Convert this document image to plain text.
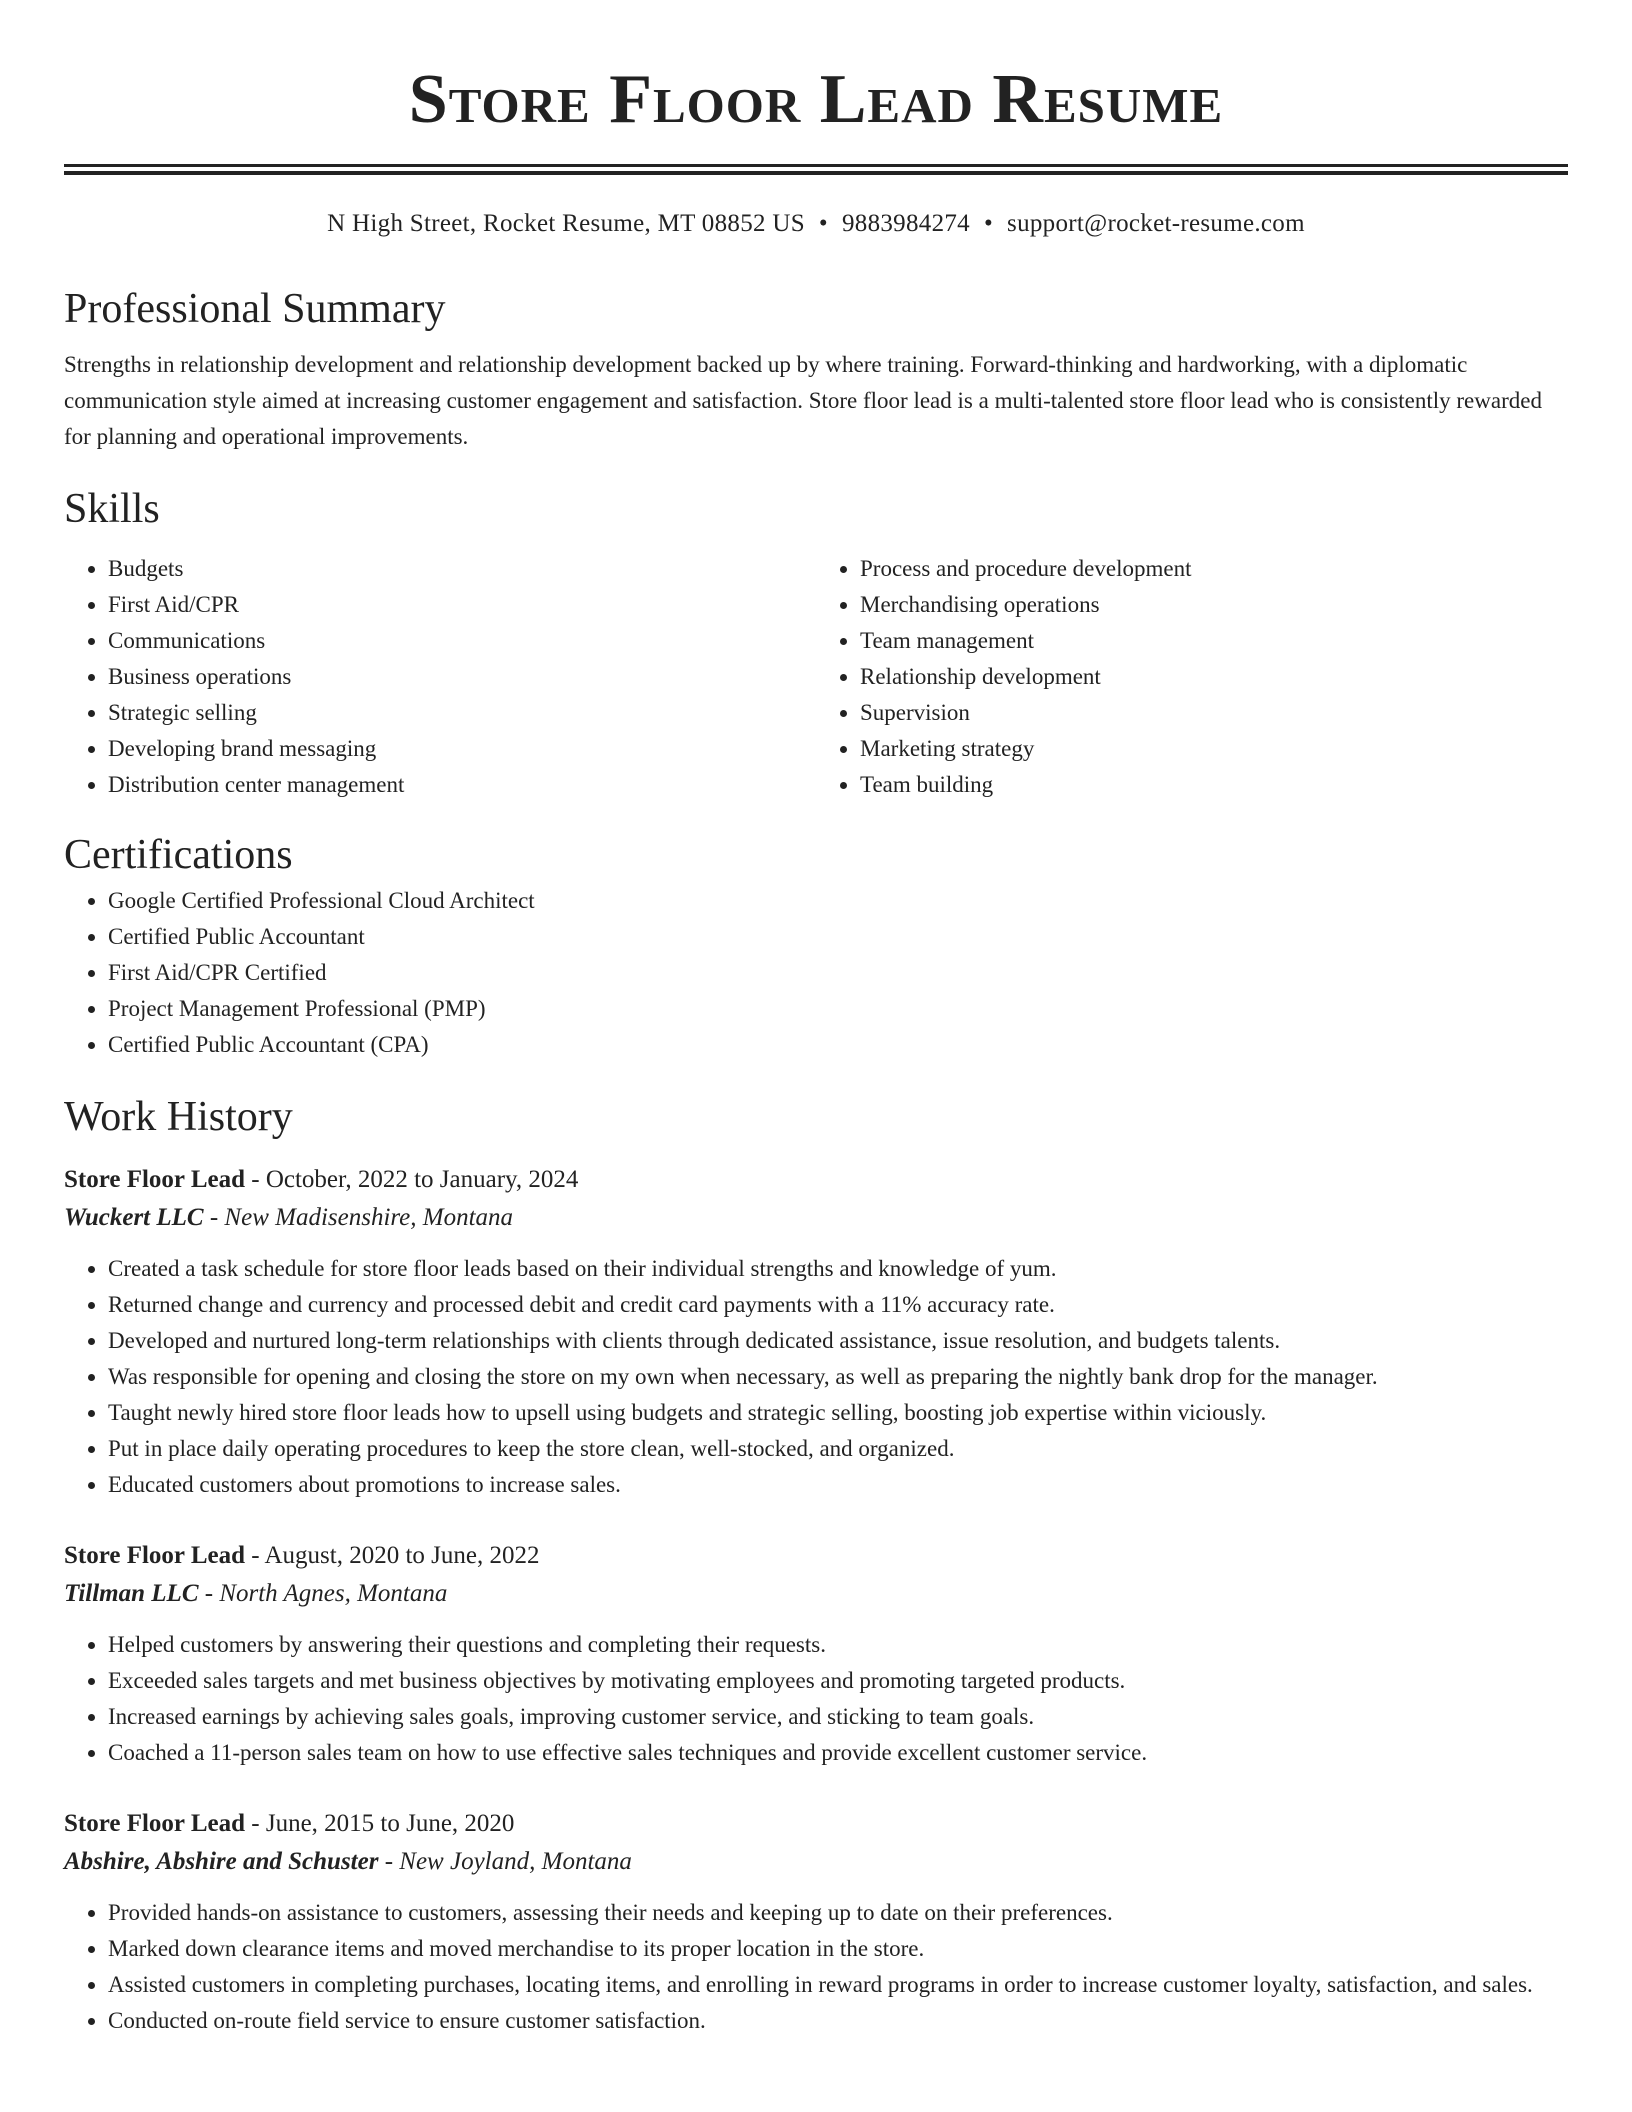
Store Floor Lead Resume
N High Street, Rocket Resume, MT 08852 US • 9883984274 • support@rocket-resume.com
Professional Summary

Strengths in relationship development and relationship development backed up by where training. Forward-thinking and hardworking, with a diplomatic communication style aimed at increasing customer engagement and satisfaction. Store floor lead is a multi-talented store floor lead who is consistently rewarded for planning and operational improvements.

Skills
• Budgets
• First Aid/CPR
• Communications
• Business operations
• Strategic selling
• Developing brand messaging
• Distribution center management
• Process and procedure development
• Merchandising operations
• Team management
• Relationship development
• Supervision
• Marketing strategy
• Team building
Certifications
• Google Certified Professional Cloud Architect
• Certified Public Accountant
• First Aid/CPR Certified
• Project Management Professional (PMP)
• Certified Public Accountant (CPA)
Work History
Store Floor Lead - October, 2022 to January, 2024
Wuckert LLC - New Madisenshire, Montana
• Created a task schedule for store floor leads based on their individual strengths and knowledge of yum.
• Returned change and currency and processed debit and credit card payments with a 11% accuracy rate.
• Developed and nurtured long-term relationships with clients through dedicated assistance, issue resolution, and budgets talents.
• Was responsible for opening and closing the store on my own when necessary, as well as preparing the nightly bank drop for the manager.
• Taught newly hired store floor leads how to upsell using budgets and strategic selling, boosting job expertise within viciously.
• Put in place daily operating procedures to keep the store clean, well-stocked, and organized.
• Educated customers about promotions to increase sales.
Store Floor Lead - August, 2020 to June, 2022
Tillman LLC - North Agnes, Montana
• Helped customers by answering their questions and completing their requests.
• Exceeded sales targets and met business objectives by motivating employees and promoting targeted products.
• Increased earnings by achieving sales goals, improving customer service, and sticking to team goals.
• Coached a 11-person sales team on how to use effective sales techniques and provide excellent customer service.
Store Floor Lead - June, 2015 to June, 2020
Abshire, Abshire and Schuster - New Joyland, Montana
• Provided hands-on assistance to customers, assessing their needs and keeping up to date on their preferences.
• Marked down clearance items and moved merchandise to its proper location in the store.
• Assisted customers in completing purchases, locating items, and enrolling in reward programs in order to increase customer loyalty, satisfaction, and sales.
• Conducted on-route field service to ensure customer satisfaction.
